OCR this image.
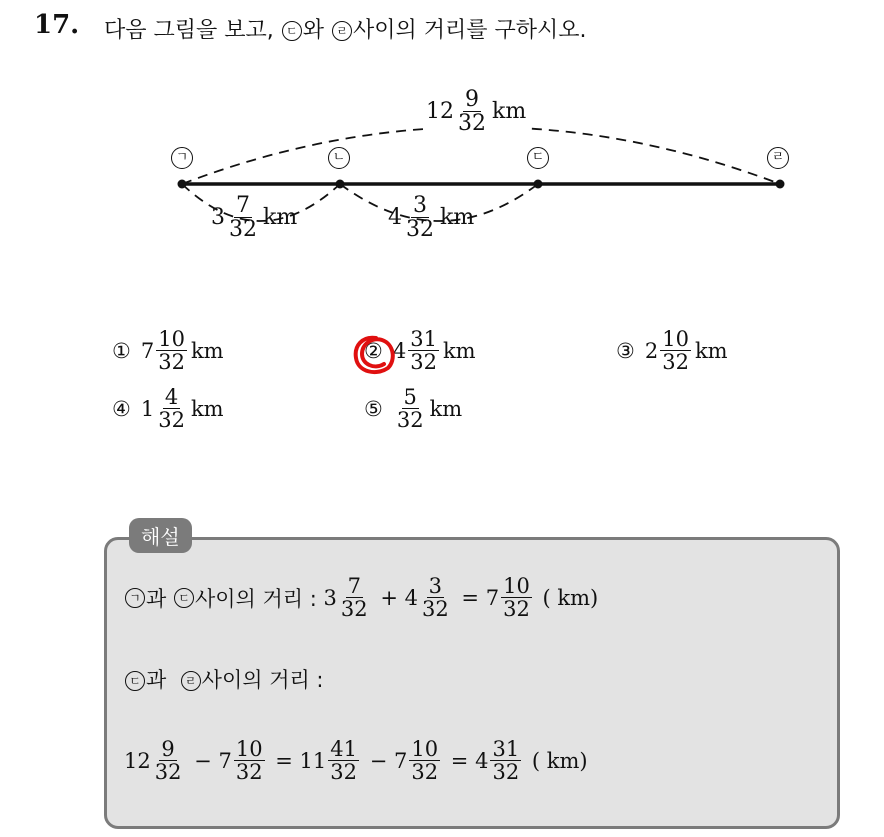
17. 다음 그림을 보고, ㄷ 와 ㄹ 사이의 거리를 구하시오.
ㄱ	ㄴ	ㄷ	ㄹ
$12 \frac{9}{32}$ km
$3 \frac{7}{32}$ km	$4 \frac{3}{32}$ km
① $7 \frac{10}{32}$ km	② $4 \frac{31}{32}$ km	③ $2 \frac{10}{32}$ km
④ $1 \frac{4}{32}$ km	⑤ $\frac{5}{32}$ km
해설
ㄱ 과
ㄷ 사이의 거리 :
$3 \frac{7}{32}$
+
$4 \frac{3}{32}$
=
$7 \frac{10}{32}$
( km)
ㄷ 과 ㄹ 사이의 거리 :
$12 \frac{9}{32}$
−
$7 \frac{10}{32}$
=
$11 \frac{41}{32}$
−
$7 \frac{10}{32}$
=
$4 \frac{31}{32}$
( km)
